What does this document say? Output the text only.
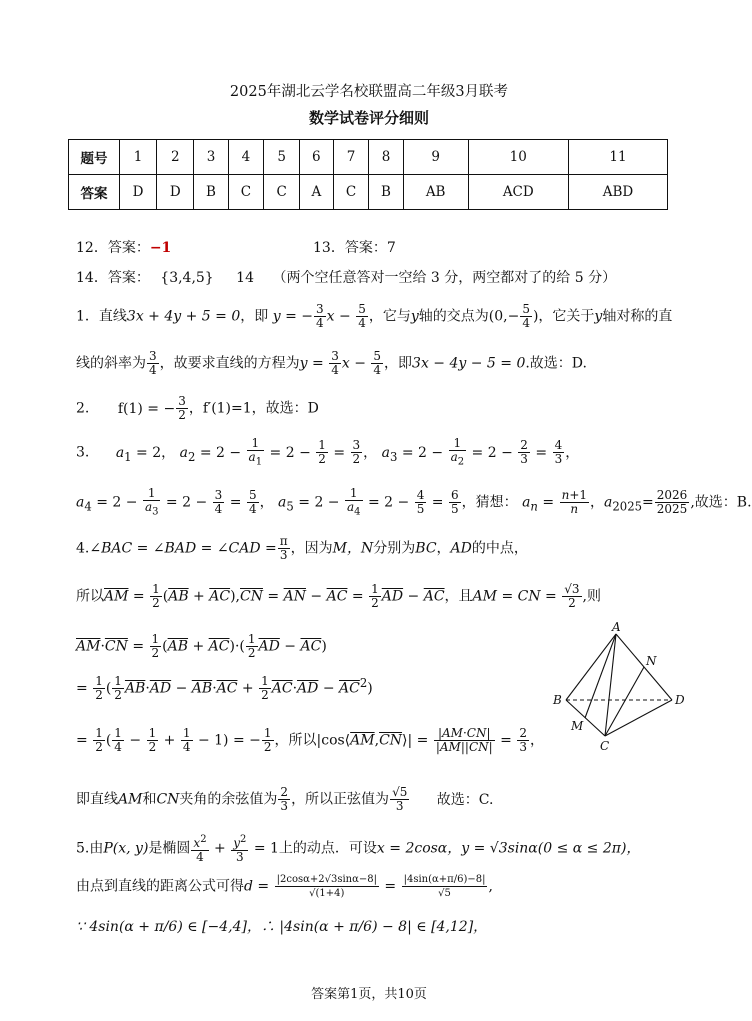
2025年湖北云学名校联盟高二年级3月联考
数学试卷评分细则
题号	1	2	3	4	5	6	7	8	9	10	11
答案	D	D	B	C	C	A	C	B	AB	ACD	ABD
12．答案：−1	13．答案：7
14．答案： {3,4,5} 14 （两个空任意答对一空给 3 分，两空都对了的给 5 分）
1．直线3x + 4y + 5 = 0，即 y = − $\frac{3}{4}$ $x - \frac{5}{4}$ ，它与y轴的交点为($0,- \frac{5}{4}$ )，它关于y轴对称的直
线的斜率为 $\frac{3}{4}$ ，故要求直线的方程为$y = \frac{3}{4}$ $x - \frac{5}{4}$ ，即3x − 4y − 5 = 0.故选：D.
2. f(1) = − $\frac{3}{2}$ ，f′(1)=1，故选：D
3. $a_1 = 2$， $a_2 = 2 - \frac{1}{a_1} = 2 - \frac{1}{2} = \frac{3}{2}$ ， $a_3 = 2 - \frac{1}{a_2} = 2 - \frac{2}{3} = \frac{4}{3}$ ，
$a_4 = 2 - \frac{1}{a_3} = 2 - \frac{3}{4} = \frac{5}{4}$ ， $a_5 = 2 - \frac{1}{a_4} = 2 - \frac{4}{5} = \frac{6}{5}$ ，猜想： $a_n = \frac{n+1}{n}$ ，$a_{2025}= \frac{2026}{2025}$ ,故选：B.
4.∠BAC = ∠BAD = ∠CAD = $\frac{\pi}{3}$ ，因为M，N分别为BC，AD的中点，
所以$\overline{AM} = \frac{1}{2} (\overline{AB} + \overline{AC}),\overline{CN} = \overline{AN} - \overline{AC} = \frac{1}{2} \overline{AD} - \overline{AC}$，且AM = CN = $\frac{√3}{2}$ ,则
$\overline{AM}\cdot\overline{CN} = \frac{1}{2} (\overline{AB} + \overline{AC})\cdot( \frac{1}{2} \overline{AD} - \overline{AC})$
= $\frac{1}{2}$ ( $\frac{1}{2} \overline{AB}\cdot\overline{AD} - \overline{AB}\cdot\overline{AC} + \frac{1}{2} \overline{AC}\cdot\overline{AD} - \overline{AC}^2$)
= $\frac{1}{2}$ ( $\frac{1}{4} - \frac{1}{2} + \frac{1}{4} - 1$) = − $\frac{1}{2}$ ，所以$|\cos⟨\overline{AM},\overline{CN}⟩| = \frac{|AM\cdot CN|}{|AM||CN|} = \frac{2}{3}$ ，
即直线AM和CN夹角的余弦值为 $\frac{2}{3}$ ，所以正弦值为 $\frac{√5}{3}$ 故选：C.
A
B
C
D
M
N
5.由P(x, y)是椭圆 $\frac{x^2}{4} + \frac{y^2}{3} = 1$上的动点．可设x = 2cosα，y = √3sinα(0 ≤ α ≤ 2π)，
由点到直线的距离公式可得$d = \frac{|2\cos\alpha+2√3\sin\alpha-8|}{√(1+4)} = \frac{|4\sin(\alpha+\pi/6)-8|}{√5}$ ,
∵ 4sin(α + π/6) ∈ [−4,4]，∴ |4sin(α + π/6) − 8| ∈ [4,12]，
答案第1页，共10页
